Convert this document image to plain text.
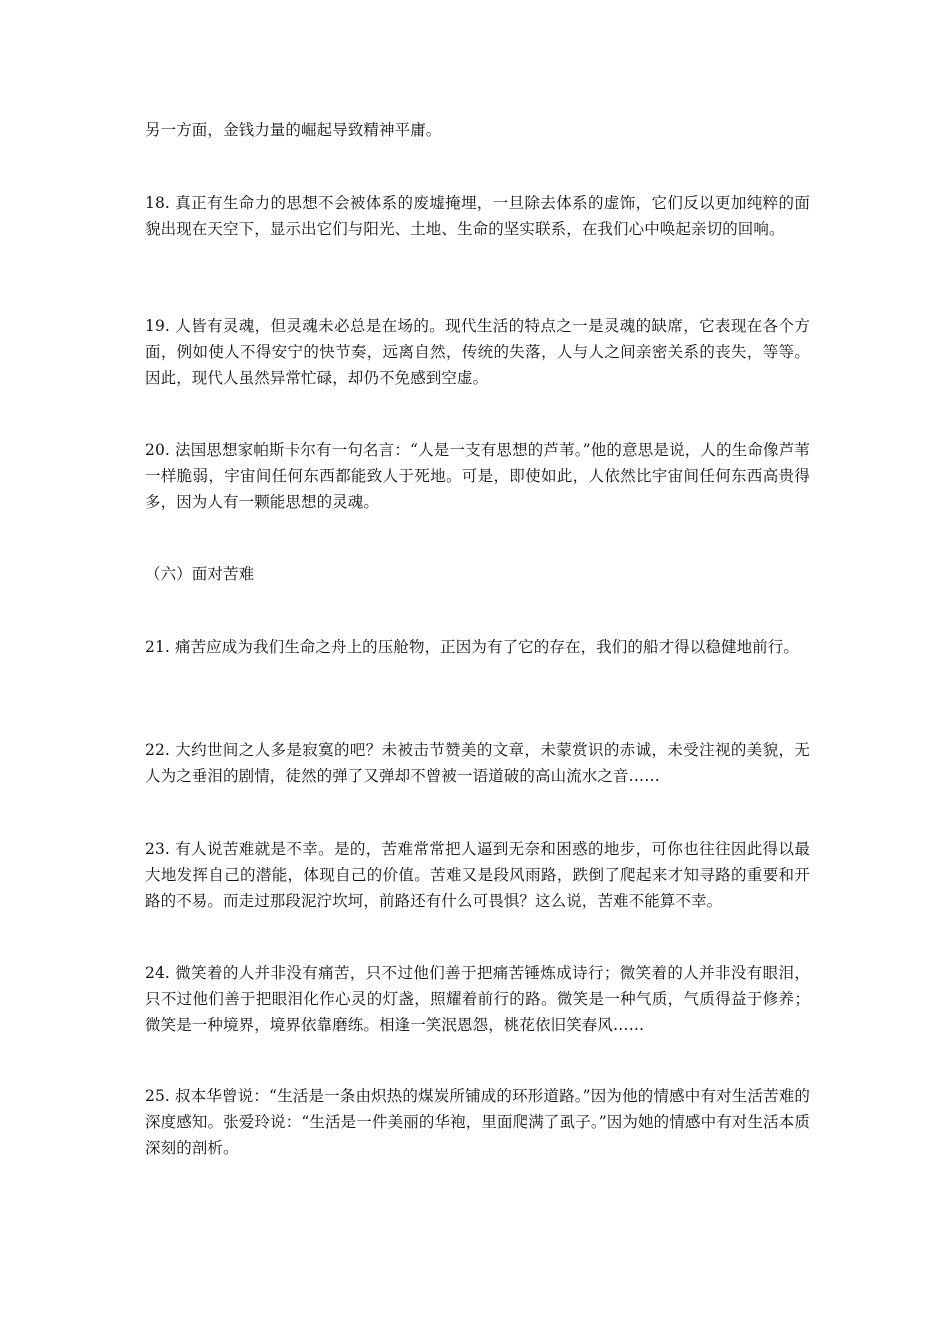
另一方面，金钱力量的崛起导致精神平庸。

18. 真正有生命力的思想不会被体系的废墟掩埋，一旦除去体系的虚饰，它们反以更加纯粹的面貌出现在天空下，显示出它们与阳光、土地、生命的坚实联系，在我们心中唤起亲切的回响。

19. 人皆有灵魂，但灵魂未必总是在场的。现代生活的特点之一是灵魂的缺席，它表现在各个方面，例如使人不得安宁的快节奏，远离自然，传统的失落，人与人之间亲密关系的丧失，等等。因此，现代人虽然异常忙碌，却仍不免感到空虚。

20. 法国思想家帕斯卡尔有一句名言：“人是一支有思想的芦苇。”他的意思是说，人的生命像芦苇一样脆弱，宇宙间任何东西都能致人于死地。可是，即使如此，人依然比宇宙间任何东西高贵得多，因为人有一颗能思想的灵魂。

（六）面对苦难

21. 痛苦应成为我们生命之舟上的压舱物，正因为有了它的存在，我们的船才得以稳健地前行。

22. 大约世间之人多是寂寞的吧？未被击节赞美的文章，未蒙赏识的赤诚，未受注视的美貌，无人为之垂泪的剧情，徒然的弹了又弹却不曾被一语道破的高山流水之音……

23. 有人说苦难就是不幸。是的，苦难常常把人逼到无奈和困惑的地步，可你也往往因此得以最大地发挥自己的潜能，体现自己的价值。苦难又是段风雨路，跌倒了爬起来才知寻路的重要和开路的不易。而走过那段泥泞坎坷，前路还有什么可畏惧？这么说，苦难不能算不幸。

24. 微笑着的人并非没有痛苦，只不过他们善于把痛苦锤炼成诗行；微笑着的人并非没有眼泪，只不过他们善于把眼泪化作心灵的灯盏，照耀着前行的路。微笑是一种气质，气质得益于修养；微笑是一种境界，境界依靠磨练。相逢一笑泯恩怨，桃花依旧笑春风……

25. 叔本华曾说：“生活是一条由炽热的煤炭所铺成的环形道路。”因为他的情感中有对生活苦难的深度感知。张爱玲说：“生活是一件美丽的华袍，里面爬满了虱子。”因为她的情感中有对生活本质深刻的剖析。
